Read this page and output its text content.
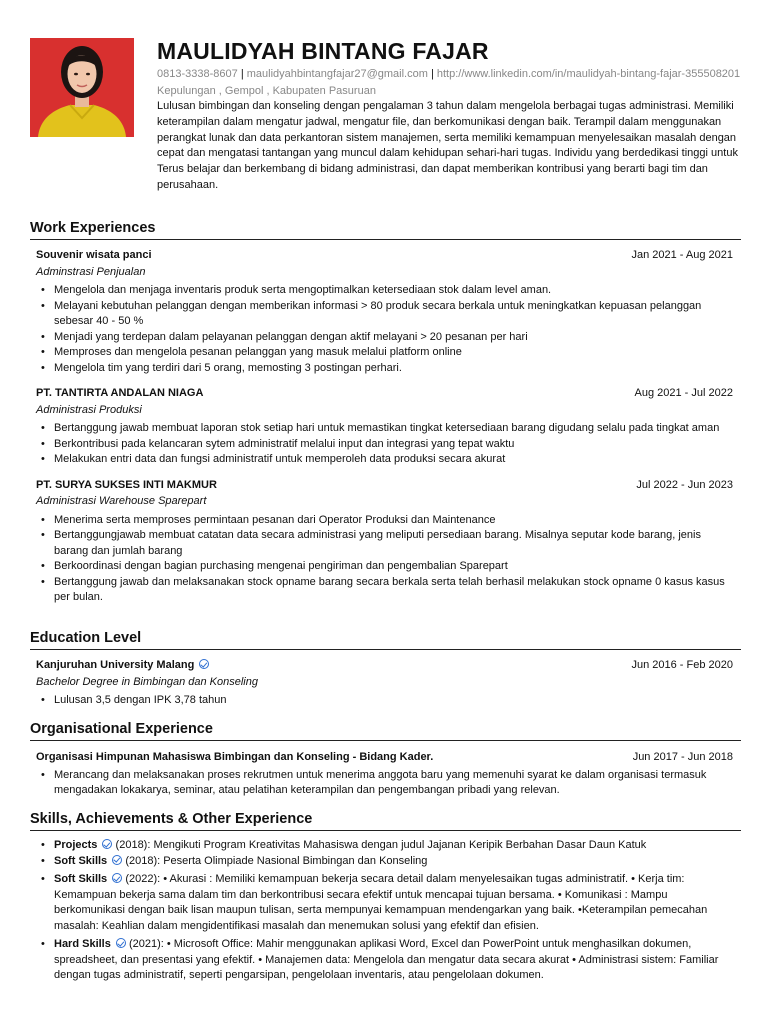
MAULIDYAH BINTANG FAJAR
0813-3338-8607 | maulidyahbintangfajar27@gmail.com | http://www.linkedin.com/in/maulidyah-bintang-fajar-355508201
Kepulungan , Gempol , Kabupaten Pasuruan
Lulusan bimbingan dan konseling dengan pengalaman 3 tahun dalam mengelola berbagai tugas administrasi. Memiliki keterampilan dalam mengatur jadwal, mengatur file, dan berkomunikasi dengan baik. Terampil dalam menggunakan perangkat lunak dan data perkantoran sistem manajemen, serta memiliki kemampuan menyelesaikan masalah dengan cepat dan mengatasi tantangan yang muncul dalam kehidupan sehari-hari tugas. Individu yang berdedikasi tinggi untuk Terus belajar dan berkembang di bidang administrasi, dan dapat memberikan kontribusi yang berarti bagi tim dan perusahaan.
Work Experiences
Souvenir wisata panci	Jan 2021 - Aug 2021
Adminstrasi Penjualan
• Mengelola dan menjaga inventaris produk serta mengoptimalkan ketersediaan stok dalam level aman.
• Melayani kebutuhan pelanggan dengan memberikan informasi > 80 produk secara berkala untuk meningkatkan kepuasan pelanggan sebesar 40 - 50 %
• Menjadi yang terdepan dalam pelayanan pelanggan dengan aktif melayani > 20 pesanan per hari
• Memproses dan mengelola pesanan pelanggan yang masuk melalui platform online
• Mengelola tim yang terdiri dari 5 orang, memosting 3 postingan perhari.
PT. TANTIRTA ANDALAN NIAGA	Aug 2021 - Jul 2022
Administrasi Produksi
• Bertanggung jawab membuat laporan stok setiap hari untuk memastikan tingkat ketersediaan barang digudang selalu pada tingkat aman
• Berkontribusi pada kelancaran sytem administratif melalui input dan integrasi yang tepat waktu
• Melakukan entri data dan fungsi administratif untuk memperoleh data produksi secara akurat
PT. SURYA SUKSES INTI MAKMUR	Jul 2022 - Jun 2023
Administrasi Warehouse Sparepart
• Menerima serta memproses permintaan pesanan dari Operator Produksi dan Maintenance
• Bertanggungjawab membuat catatan data secara administrasi yang meliputi persediaan barang. Misalnya seputar kode barang, jenis barang dan jumlah barang
• Berkoordinasi dengan bagian purchasing mengenai pengiriman dan pengembalian Sparepart
• Bertanggung jawab dan melaksanakan stock opname barang secara berkala serta telah berhasil melakukan stock opname 0 kasus kasus per bulan.
Education Level
Kanjuruhan University Malang	Jun 2016 - Feb 2020
Bachelor Degree in Bimbingan dan Konseling
• Lulusan 3,5 dengan IPK 3,78 tahun
Organisational Experience
Organisasi Himpunan Mahasiswa Bimbingan dan Konseling - Bidang Kader.	Jun 2017 - Jun 2018
• Merancang dan melaksanakan proses rekrutmen untuk menerima anggota baru yang memenuhi syarat ke dalam organisasi termasuk mengadakan lokakarya, seminar, atau pelatihan keterampilan dan pengembangan pribadi yang relevan.
Skills, Achievements & Other Experience
• Projects (2018): Mengikuti Program Kreativitas Mahasiswa dengan judul Jajanan Keripik Berbahan Dasar Daun Katuk
• Soft Skills (2018): Peserta Olimpiade Nasional Bimbingan dan Konseling
• Soft Skills (2022): • Akurasi : Memiliki kemampuan bekerja secara detail dalam menyelesaikan tugas administratif. • Kerja tim: Kemampuan bekerja sama dalam tim dan berkontribusi secara efektif untuk mencapai tujuan bersama. • Komunikasi : Mampu berkomunikasi dengan baik lisan maupun tulisan, serta mempunyai kemampuan mendengarkan yang baik. •Keterampilan pemecahan masalah: Keahlian dalam mengidentifikasi masalah dan menemukan solusi yang efektif dan efisien.
• Hard Skills (2021): • Microsoft Office: Mahir menggunakan aplikasi Word, Excel dan PowerPoint untuk menghasilkan dokumen, spreadsheet, dan presentasi yang efektif. • Manajemen data: Mengelola dan mengatur data secara akurat • Administrasi sistem: Familiar dengan tugas administratif, seperti pengarsipan, pengelolaan inventaris, atau pengelolaan dokumen.
